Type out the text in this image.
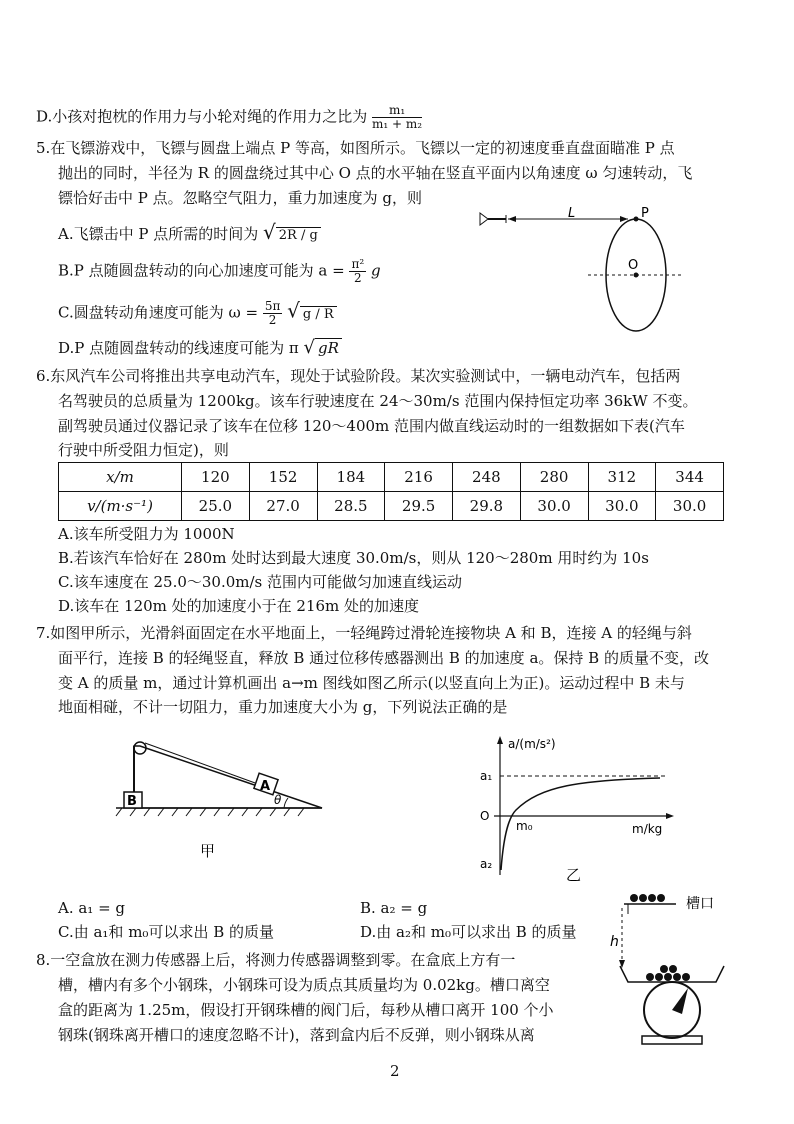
D.小孩对抱枕的作用力与小轮对绳的作用力之比为 $\frac{\text{m₁}}{\text{m₁ + m₂}}$
5.在飞镖游戏中，飞镖与圆盘上端点 P 等高，如图所示。飞镖以一定的初速度垂直盘面瞄准 P 点
抛出的同时，半径为 R 的圆盘绕过其中心 O 点的水平轴在竖直平面内以角速度 ω 匀速转动，飞
镖恰好击中 P 点。忽略空气阻力，重力加速度为 g，则
A.飞镖击中 P 点所需的时间为 √ 2R / g
B.P 点随圆盘转动的向心加速度可能为 $a = \frac{\text{π²}}{2}$ g
C.圆盘转动角速度可能为 $\omega = \frac{5\pi}{2}$ √ g / R
D.P 点随圆盘转动的线速度可能为 π √ gR
L	P
O
6.东风汽车公司将推出共享电动汽车，现处于试验阶段。某次实验测试中，一辆电动汽车，包括两
名驾驶员的总质量为 1200kg。该车行驶速度在 24～30m/s 范围内保持恒定功率 36kW 不变。
副驾驶员通过仪器记录了该车在位移 120～400m 范围内做直线运动时的一组数据如下表(汽车
行驶中所受阻力恒定)，则
x/m	120	152	184	216	248	280	312	344
v/(m·s⁻¹)	25.0	27.0	28.5	29.5	29.8	30.0	30.0	30.0
A.该车所受阻力为 1000N
B.若该汽车恰好在 280m 处时达到最大速度 30.0m/s，则从 120～280m 用时约为 10s
C.该车速度在 25.0～30.0m/s 范围内可能做匀加速直线运动
D.该车在 120m 处的加速度小于在 216m 处的加速度
7.如图甲所示，光滑斜面固定在水平地面上，一轻绳跨过滑轮连接物块 A 和 B，连接 A 的轻绳与斜
面平行，连接 B 的轻绳竖直，释放 B 通过位移传感器测出 B 的加速度 a。保持 B 的质量不变，改
变 A 的质量 m，通过计算机画出 a→m 图线如图乙所示(以竖直向上为正)。运动过程中 B 未与
地面相碰，不计一切阻力，重力加速度大小为 g，下列说法正确的是
B
A
θ
甲
a/(m/s²)
m/kg
a₁
O
a₂
m₀
乙
A. a₁ = g	B. a₂ = g
C.由 a₁和 m₀可以求出 B 的质量	D.由 a₂和 m₀可以求出 B 的质量
8.一空盒放在测力传感器上后，将测力传感器调整到零。在盒底上方有一
槽，槽内有多个小钢珠，小钢珠可设为质点其质量均为 0.02kg。槽口离空
盒的距离为 1.25m，假设打开钢珠槽的阀门后，每秒从槽口离开 100 个小
钢珠(钢珠离开槽口的速度忽略不计)，落到盒内后不反弹，则小钢珠从离
槽口
h
2
